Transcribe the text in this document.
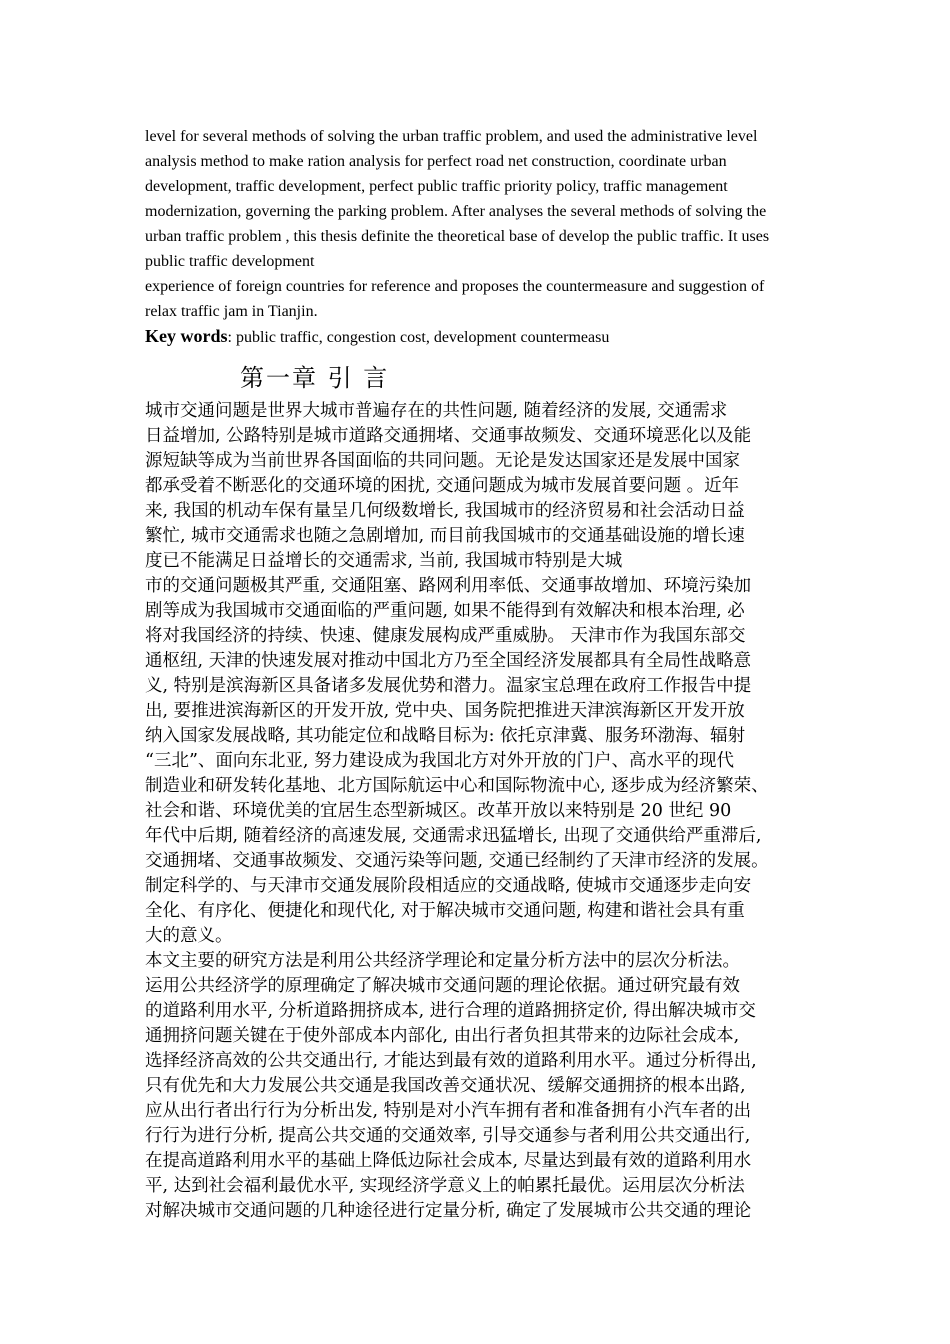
level for several methods of solving the urban traffic problem, and used the administrative level
analysis method to make ration analysis for perfect road net construction, coordinate urban
development, traffic development, perfect public traffic priority policy, traffic management
modernization, governing the parking problem. After analyses the several methods of solving the
urban traffic problem , this thesis definite the theoretical base of develop the public traffic. It uses
public traffic development
experience of foreign countries for reference and proposes the countermeasure and suggestion of
relax traffic jam in Tianjin.
Key words: public traffic, congestion cost, development countermeasu
第一章 引 言
城市交通问题是世界大城市普遍存在的共性问题, 随着经济的发展, 交通需求
日益增加, 公路特别是城市道路交通拥堵、交通事故频发、交通环境恶化以及能
源短缺等成为当前世界各国面临的共同问题。无论是发达国家还是发展中国家
都承受着不断恶化的交通环境的困扰, 交通问题成为城市发展首要问题 。近年
来, 我国的机动车保有量呈几何级数增长, 我国城市的经济贸易和社会活动日益
繁忙, 城市交通需求也随之急剧增加, 而目前我国城市的交通基础设施的增长速
度已不能满足日益增长的交通需求, 当前, 我国城市特别是大城
市的交通问题极其严重, 交通阻塞、路网利用率低、交通事故增加、环境污染加
剧等成为我国城市交通面临的严重问题, 如果不能得到有效解决和根本治理, 必
将对我国经济的持续、快速、健康发展构成严重威胁。 天津市作为我国东部交
通枢纽, 天津的快速发展对推动中国北方乃至全国经济发展都具有全局性战略意
义, 特别是滨海新区具备诸多发展优势和潜力。温家宝总理在政府工作报告中提
出, 要推进滨海新区的开发开放, 党中央、国务院把推进天津滨海新区开发开放
纳入国家发展战略, 其功能定位和战略目标为: 依托京津冀、服务环渤海、辐射
“三北”、面向东北亚, 努力建设成为我国北方对外开放的门户、高水平的现代
制造业和研发转化基地、北方国际航运中心和国际物流中心, 逐步成为经济繁荣、
社会和谐、环境优美的宜居生态型新城区。改革开放以来特别是 20 世纪 90
年代中后期, 随着经济的高速发展, 交通需求迅猛增长, 出现了交通供给严重滞后,
交通拥堵、交通事故频发、交通污染等问题, 交通已经制约了天津市经济的发展。
制定科学的、与天津市交通发展阶段相适应的交通战略, 使城市交通逐步走向安
全化、有序化、便捷化和现代化, 对于解决城市交通问题, 构建和谐社会具有重
大的意义。
本文主要的研究方法是利用公共经济学理论和定量分析方法中的层次分析法。
运用公共经济学的原理确定了解决城市交通问题的理论依据。通过研究最有效
的道路利用水平, 分析道路拥挤成本, 进行合理的道路拥挤定价, 得出解决城市交
通拥挤问题关键在于使外部成本内部化, 由出行者负担其带来的边际社会成本,
选择经济高效的公共交通出行, 才能达到最有效的道路利用水平。通过分析得出,
只有优先和大力发展公共交通是我国改善交通状况、缓解交通拥挤的根本出路,
应从出行者出行行为分析出发, 特别是对小汽车拥有者和准备拥有小汽车者的出
行行为进行分析, 提高公共交通的交通效率, 引导交通参与者利用公共交通出行,
在提高道路利用水平的基础上降低边际社会成本, 尽量达到最有效的道路利用水
平, 达到社会福利最优水平, 实现经济学意义上的帕累托最优。运用层次分析法
对解决城市交通问题的几种途径进行定量分析, 确定了发展城市公共交通的理论
